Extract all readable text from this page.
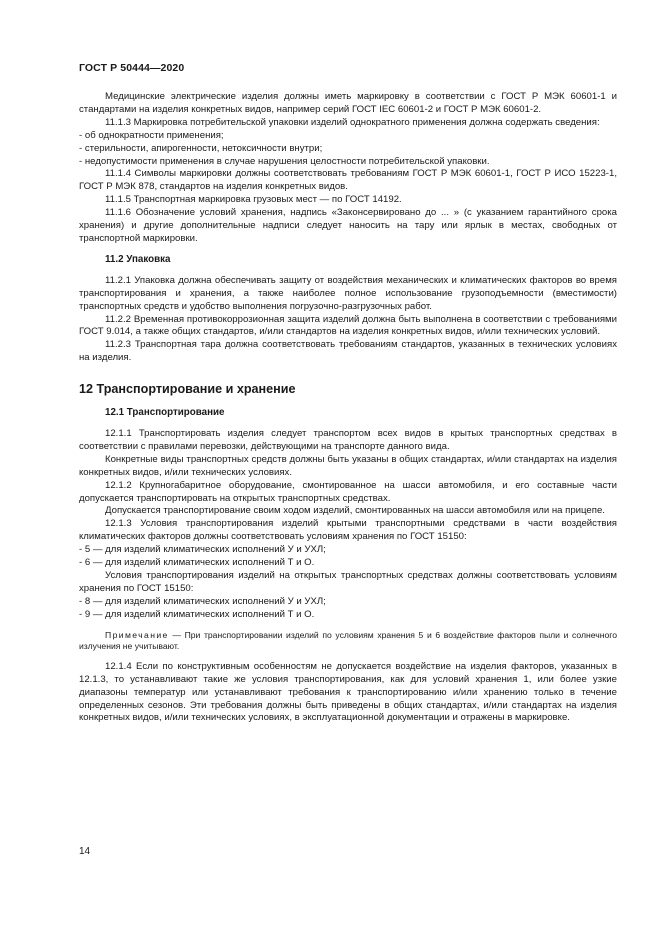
ГОСТ Р 50444—2020

Медицинские электрические изделия должны иметь маркировку в соответствии с ГОСТ Р МЭК 60601-1 и стандартами на изделия конкретных видов, например серий ГОСТ IEC 60601-2 и ГОСТ Р МЭК 60601-2.

11.1.3 Маркировка потребительской упаковки изделий однократного применения должна содержать сведения:

- об однократности применения;

- стерильности, апирогенности, нетоксичности внутри;

- недопустимости применения в случае нарушения целостности потребительской упаковки.

11.1.4 Символы маркировки должны соответствовать требованиям ГОСТ Р МЭК 60601-1, ГОСТ Р ИСО 15223-1, ГОСТ Р МЭК 878, стандартов на изделия конкретных видов.

11.1.5 Транспортная маркировка грузовых мест — по ГОСТ 14192.

11.1.6 Обозначение условий хранения, надпись «Законсервировано до ... » (с указанием гарантийного срока хранения) и другие дополнительные надписи следует наносить на тару или ярлык в местах, свободных от транспортной маркировки.

11.2 Упаковка

11.2.1 Упаковка должна обеспечивать защиту от воздействия механических и климатических факторов во время транспортирования и хранения, а также наиболее полное использование грузоподъемности (вместимости) транспортных средств и удобство выполнения погрузочно-разгрузочных работ.

11.2.2 Временная противокоррозионная защита изделий должна быть выполнена в соответствии с требованиями ГОСТ 9.014, а также общих стандартов, и/или стандартов на изделия конкретных видов, и/или технических условий.

11.2.3 Транспортная тара должна соответствовать требованиям стандартов, указанных в технических условиях на изделия.

12 Транспортирование и хранение

12.1 Транспортирование

12.1.1 Транспортировать изделия следует транспортом всех видов в крытых транспортных средствах в соответствии с правилами перевозки, действующими на транспорте данного вида.

Конкретные виды транспортных средств должны быть указаны в общих стандартах, и/или стандартах на изделия конкретных видов, и/или технических условиях.

12.1.2 Крупногабаритное оборудование, смонтированное на шасси автомобиля, и его составные части допускается транспортировать на открытых транспортных средствах.

Допускается транспортирование своим ходом изделий, смонтированных на шасси автомобиля или на прицепе.

12.1.3 Условия транспортирования изделий крытыми транспортными средствами в части воздействия климатических факторов должны соответствовать условиям хранения по ГОСТ 15150:

- 5 — для изделий климатических исполнений У и УХЛ;

- 6 — для изделий климатических исполнений Т и О.

Условия транспортирования изделий на открытых транспортных средствах должны соответствовать условиям хранения по ГОСТ 15150:

- 8 — для изделий климатических исполнений У и УХЛ;

- 9 — для изделий климатических исполнений Т и О.

Примечание — При транспортировании изделий по условиям хранения 5 и 6 воздействие факторов пыли и солнечного излучения не учитывают.

12.1.4 Если по конструктивным особенностям не допускается воздействие на изделия факторов, указанных в 12.1.3, то устанавливают такие же условия транспортирования, как для условий хранения 1, или более узкие диапазоны температур или устанавливают требования к транспортированию и/или хранению только в течение определенных сезонов. Эти требования должны быть приведены в общих стандартах, и/или стандартах на изделия конкретных видов, и/или технических условиях, в эксплуатационной документации и отражены в маркировке.

14
